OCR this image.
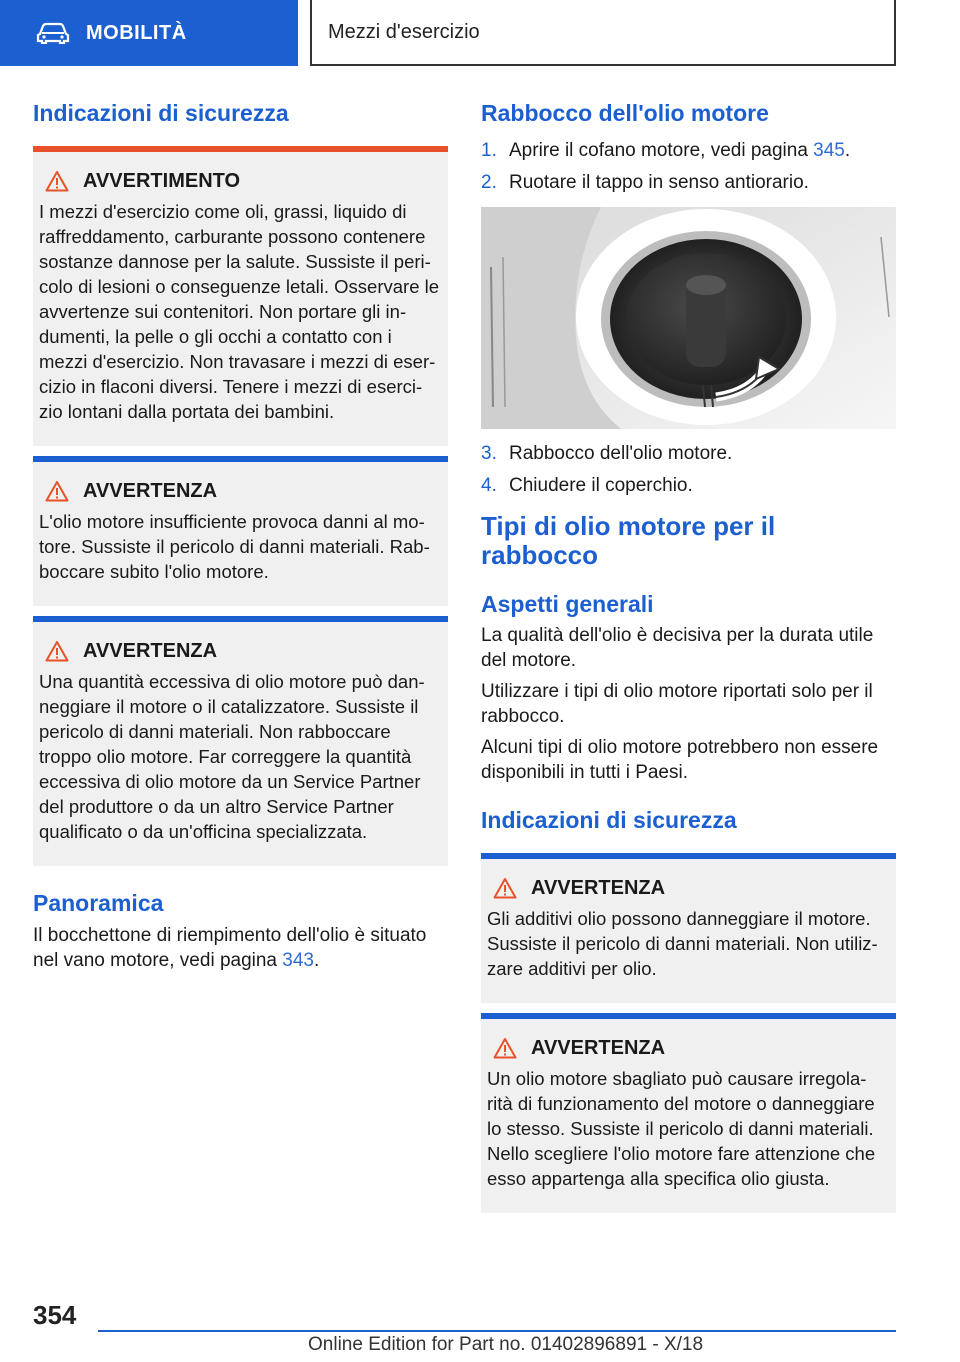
MOBILITÀ	Mezzi d'esercizio
Indicazioni di sicurezza
AVVERTIMENTO

I mezzi d'esercizio come oli, grassi, liquido di raffreddamento, carburante possono contenere sostanze dannose per la salute. Sussiste il peri-colo di lesioni o conseguenze letali. Osservare le avvertenze sui contenitori. Non portare gli in-dumenti, la pelle o gli occhi a contatto con i mezzi d'esercizio. Non travasare i mezzi di eser-cizio in flaconi diversi. Tenere i mezzi di eserci-zio lontani dalla portata dei bambini.

AVVERTENZA

L'olio motore insufficiente provoca danni al mo-tore. Sussiste il pericolo di danni materiali. Rab-boccare subito l'olio motore.

AVVERTENZA

Una quantità eccessiva di olio motore può dan-neggiare il motore o il catalizzatore. Sussiste il pericolo di danni materiali. Non rabboccare troppo olio motore. Far correggere la quantità eccessiva di olio motore da un Service Partner del produttore o da un altro Service Partner qualificato o da un'officina specializzata.

Panoramica

Il bocchettone di riempimento dell'olio è situato nel vano motore, vedi pagina 343.

Rabbocco dell'olio motore
1. Aprire il cofano motore, vedi pagina 345.
2. Ruotare il tappo in senso antiorario.
3. Rabbocco dell'olio motore.
4. Chiudere il coperchio.
Tipi di olio motore per il rabbocco
Aspetti generali

La qualità dell'olio è decisiva per la durata utile del motore.

Utilizzare i tipi di olio motore riportati solo per il rabbocco.

Alcuni tipi di olio motore potrebbero non essere disponibili in tutti i Paesi.

Indicazioni di sicurezza
AVVERTENZA

Gli additivi olio possono danneggiare il motore. Sussiste il pericolo di danni materiali. Non utiliz-zare additivi per olio.

AVVERTENZA

Un olio motore sbagliato può causare irregola-rità di funzionamento del motore o danneggiare lo stesso. Sussiste il pericolo di danni materiali. Nello scegliere l'olio motore fare attenzione che esso appartenga alla specifica olio giusta.

354
Online Edition for Part no. 01402896891 - X/18
